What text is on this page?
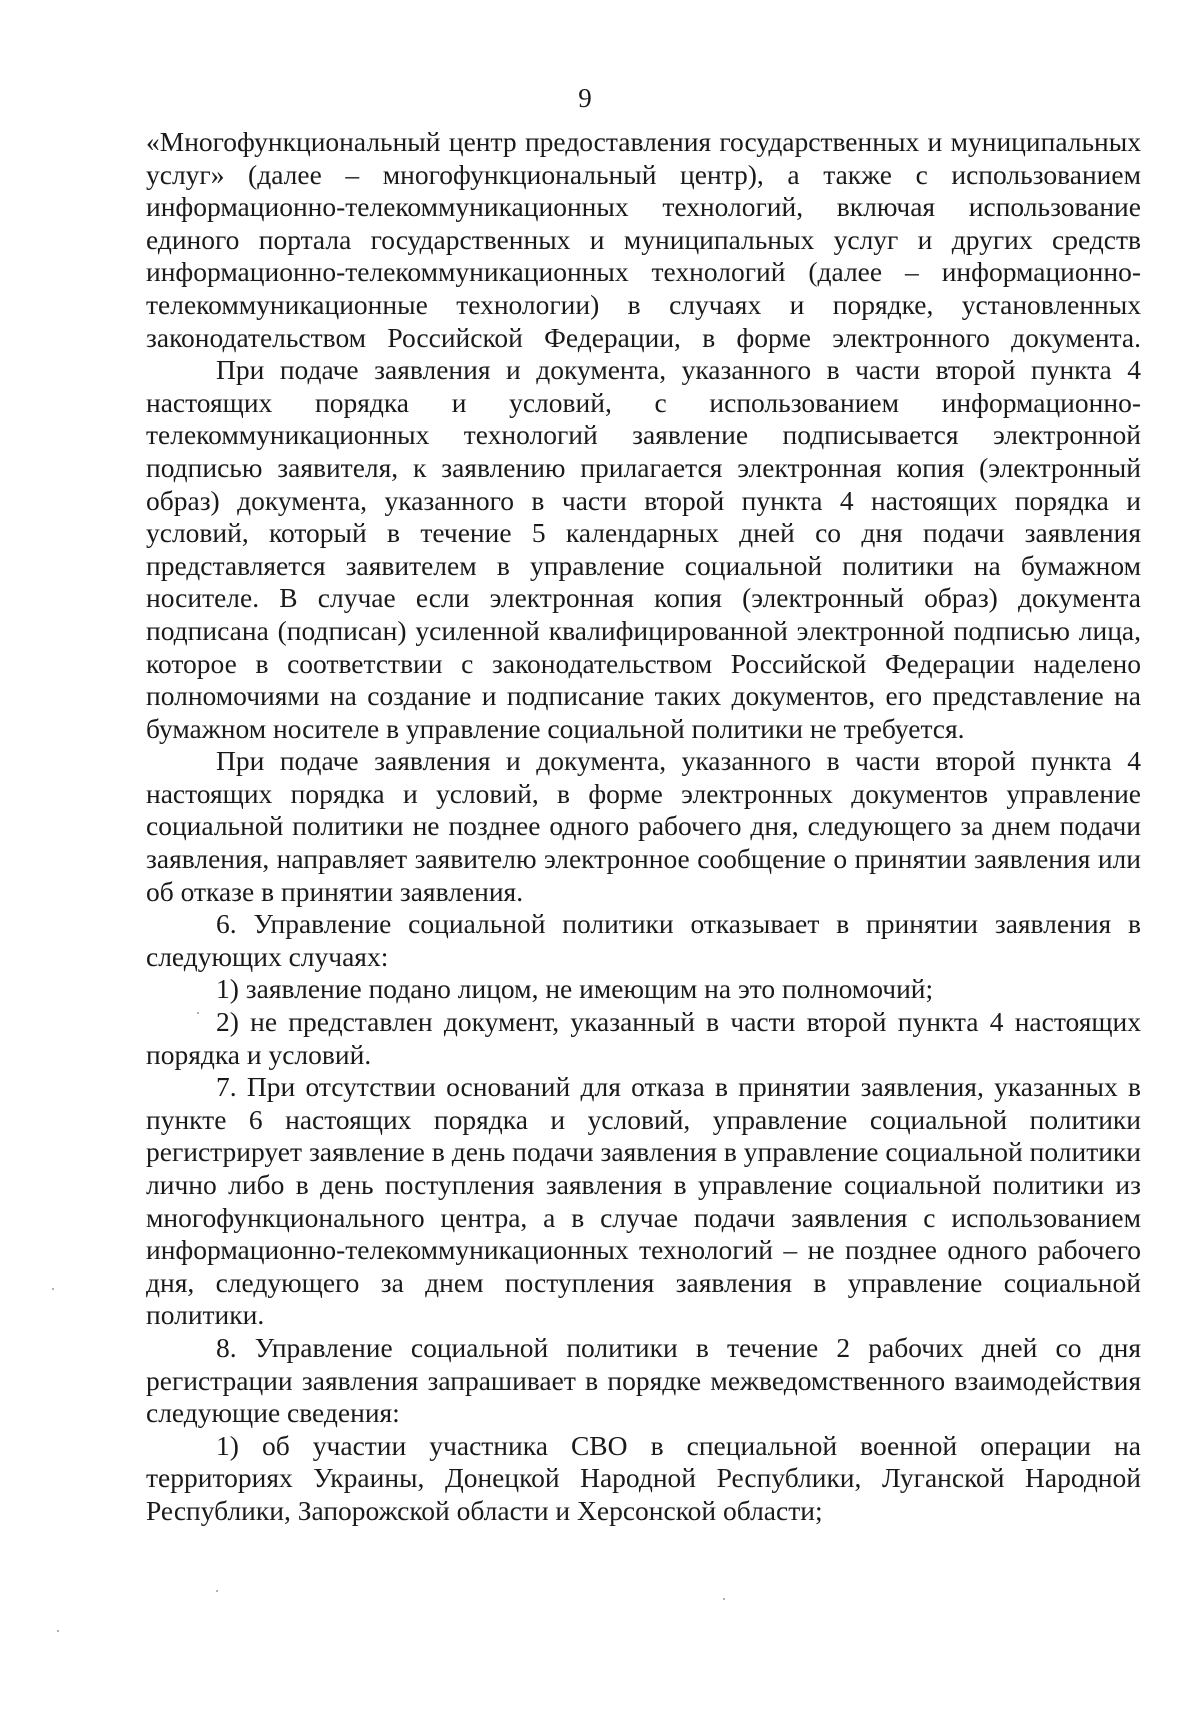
9

«Многофункциональный центр предоставления государственных и муниципальных услуг» (далее – многофункциональный центр), а также с использованием информационно-телекоммуникационных технологий, включая использование единого портала государственных и муниципальных услуг и других средств информационно-телекоммуникационных технологий (далее – информационно-телекоммуникационные технологии) в случаях и порядке, установленных законодательством Российской Федерации, в форме электронного документа.

При подаче заявления и документа, указанного в части второй пункта 4 настоящих порядка и условий, с использованием информационно-телекоммуникационных технологий заявление подписывается электронной подписью заявителя, к заявлению прилагается электронная копия (электронный образ) документа, указанного в части второй пункта 4 настоящих порядка и условий, который в течение 5 календарных дней со дня подачи заявления представляется заявителем в управление социальной политики на бумажном носителе. В случае если электронная копия (электронный образ) документа подписана (подписан) усиленной квалифицированной электронной подписью лица, которое в соответствии с законодательством Российской Федерации наделено полномочиями на создание и подписание таких документов, его представление на бумажном носителе в управление социальной политики не требуется.

При подаче заявления и документа, указанного в части второй пункта 4 настоящих порядка и условий, в форме электронных документов управление социальной политики не позднее одного рабочего дня, следующего за днем подачи заявления, направляет заявителю электронное сообщение о принятии заявления или об отказе в принятии заявления.

6. Управление социальной политики отказывает в принятии заявления в следующих случаях:

1) заявление подано лицом, не имеющим на это полномочий;

2) не представлен документ, указанный в части второй пункта 4 настоящих порядка и условий.

7. При отсутствии оснований для отказа в принятии заявления, указанных в пункте 6 настоящих порядка и условий, управление социальной политики регистрирует заявление в день подачи заявления в управление социальной политики лично либо в день поступления заявления в управление социальной политики из многофункционального центра, а в случае подачи заявления с использованием информационно-телекоммуникационных технологий – не позднее одного рабочего дня, следующего за днем поступления заявления в управление социальной политики.

8. Управление социальной политики в течение 2 рабочих дней со дня регистрации заявления запрашивает в порядке межведомственного взаимодействия следующие сведения:

1) об участии участника СВО в специальной военной операции на территориях Украины, Донецкой Народной Республики, Луганской Народной Республики, Запорожской области и Херсонской области;
